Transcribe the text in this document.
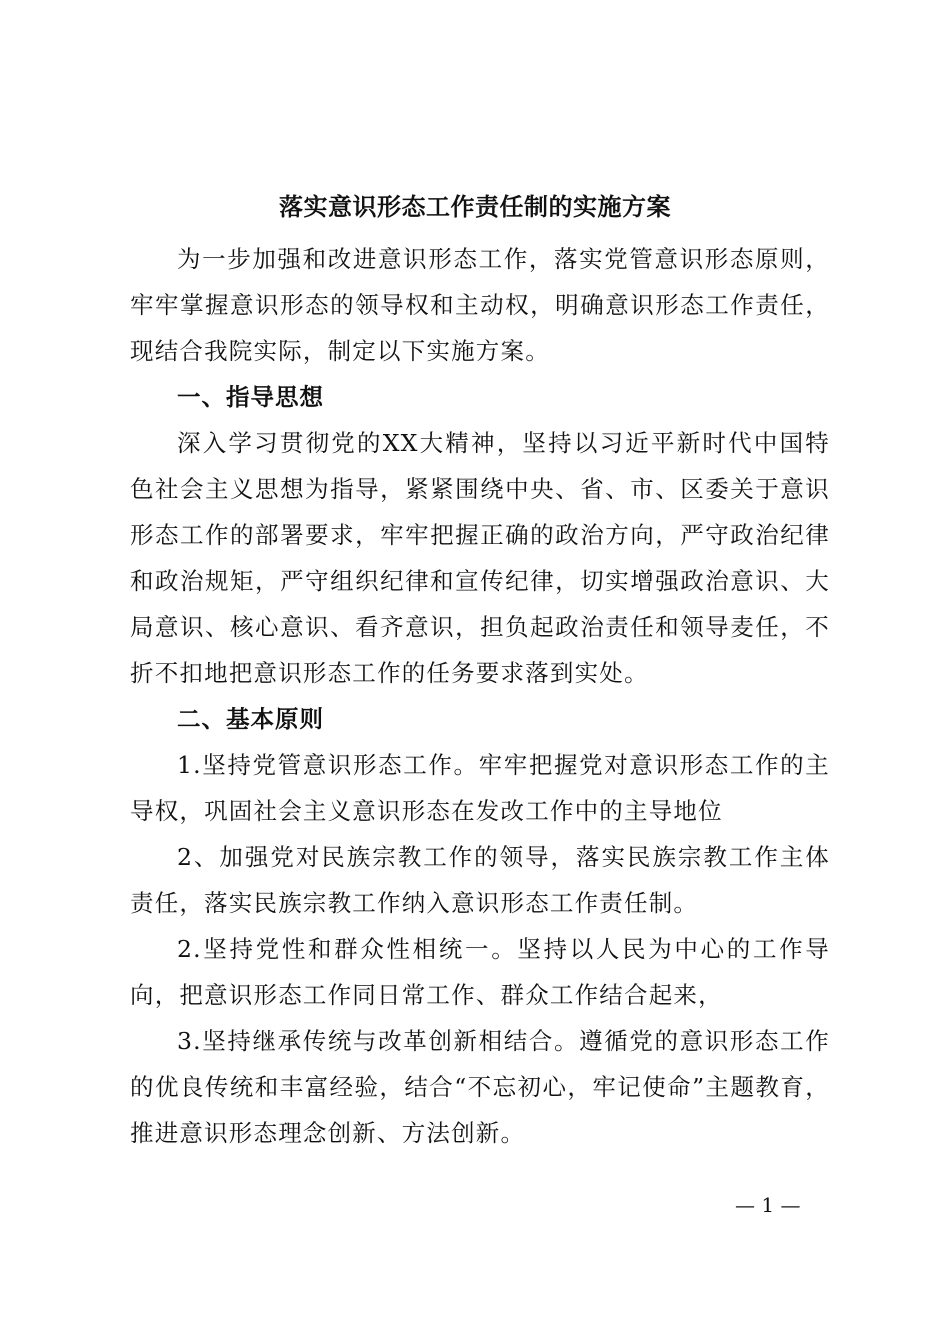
落实意识形态工作责任制的实施方案

为一步加强和改进意识形态工作，落实党管意识形态原则，牢牢掌握意识形态的领导权和主动权，明确意识形态工作责任，现结合我院实际，制定以下实施方案。

一、指导思想

深入学习贯彻党的XX大精神，坚持以习近平新时代中国特色社会主义思想为指导，紧紧围绕中央、省、市、区委关于意识形态工作的部署要求，牢牢把握正确的政治方向，严守政治纪律和政治规矩，严守组织纪律和宣传纪律，切实增强政治意识、大局意识、核心意识、看齐意识，担负起政治责任和领导麦任，不折不扣地把意识形态工作的任务要求落到实处。

二、基本原则

1.坚持党管意识形态工作。牢牢把握党对意识形态工作的主导权，巩固社会主义意识形态在发改工作中的主导地位

2、加强党对民族宗教工作的领导，落实民族宗教工作主体责任，落实民族宗教工作纳入意识形态工作责任制。

2.坚持党性和群众性相统一。坚持以人民为中心的工作导向，把意识形态工作同日常工作、群众工作结合起来，

3.坚持继承传统与改革创新相结合。遵循党的意识形态工作的优良传统和丰富经验，结合“不忘初心，牢记使命”主题教育，推进意识形态理念创新、方法创新。

— 1 —
